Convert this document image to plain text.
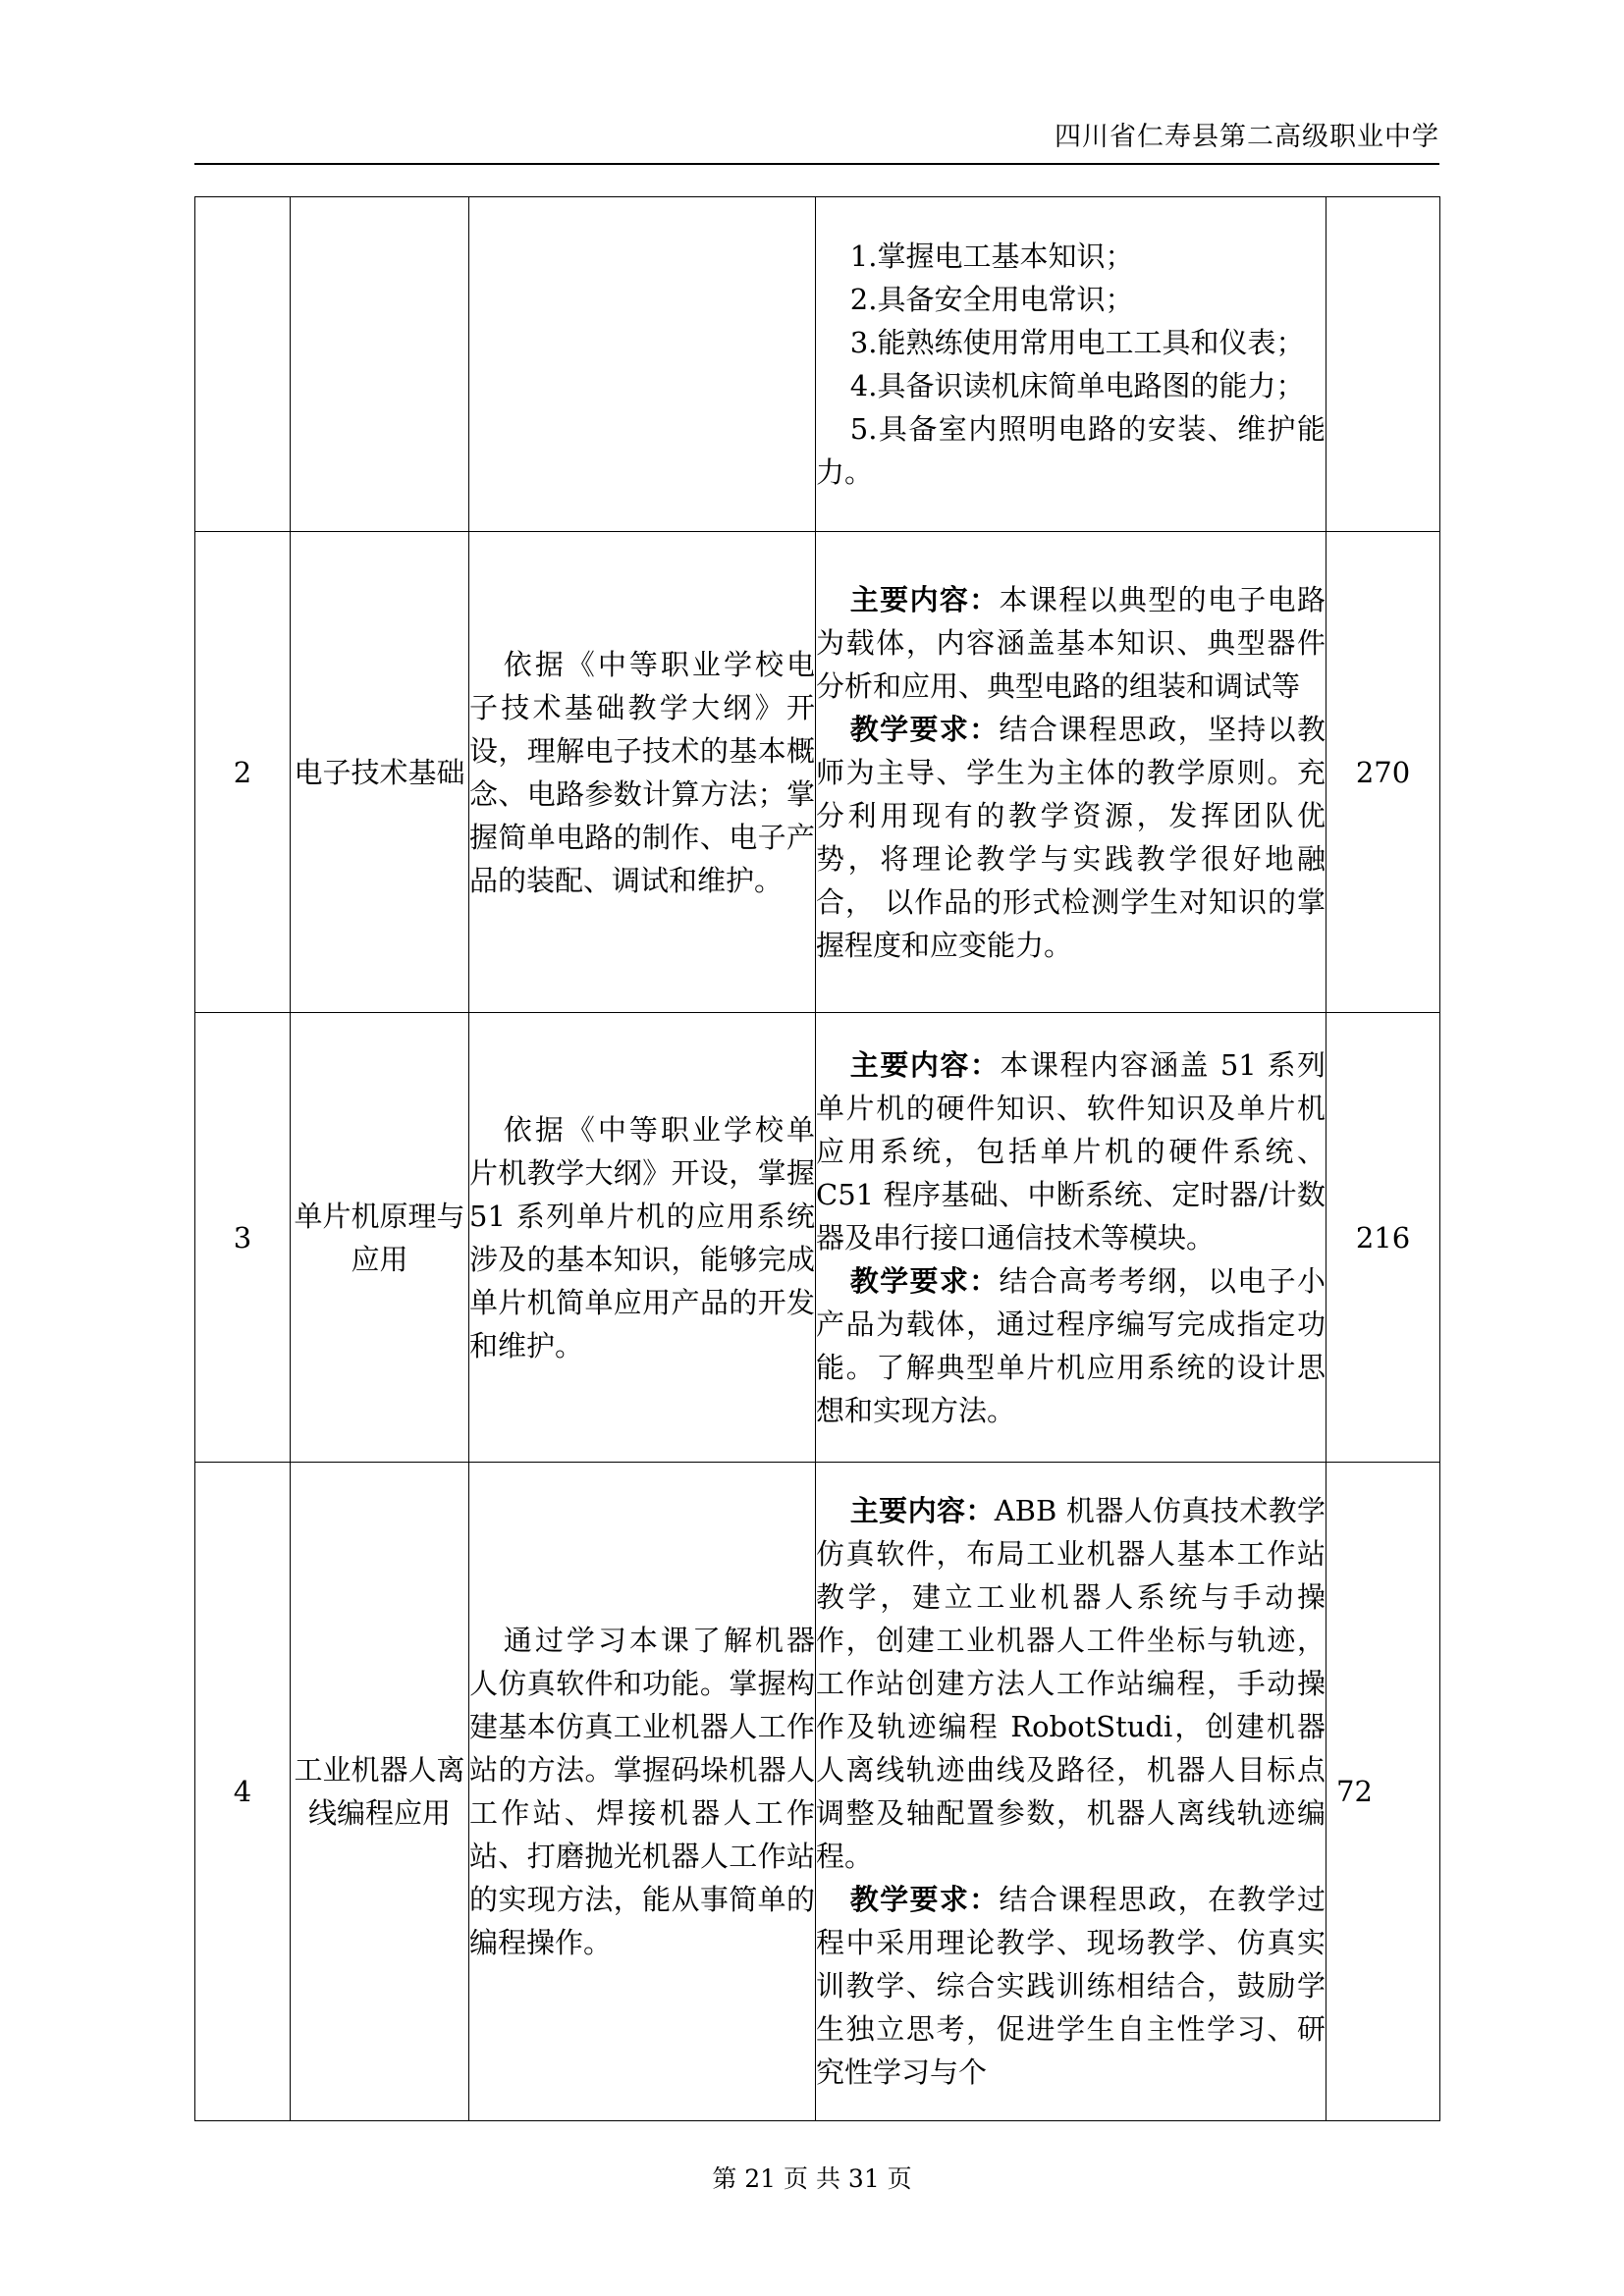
四川省仁寿县第二高级职业中学

			1.掌握电工基本知识；
2.具备安全用电常识；
3.能熟练使用常用电工工具和仪表；
4.具备识读机床简单电路图的能力；
5.具备室内照明电路的安装、维护能力。	

2	电子技术基础	依据《中等职业学校电子技术基础教学大纲》开设，理解电子技术的基本概念、电路参数计算方法；掌握简单电路的制作、电子产品的装配、调试和维护。	主要内容：本课程以典型的电子电路为载体，内容涵盖基本知识、典型器件分析和应用、典型电路的组装和调试等
教学要求：结合课程思政，坚持以教师为主导、学生为主体的教学原则。充分利用现有的教学资源，发挥团队优势，将理论教学与实践教学很好地融合， 以作品的形式检测学生对知识的掌握程度和应变能力。	270
3	单片机原理与应用	依据《中等职业学校单片机教学大纲》开设，掌握 51 系列单片机的应用系统涉及的基本知识，能够完成单片机简单应用产品的开发和维护。	主要内容：本课程内容涵盖 51 系列单片机的硬件知识、软件知识及单片机应用系统，包括单片机的硬件系统、C51 程序基础、中断系统、定时器/计数器及串行接口通信技术等模块。
教学要求：结合高考考纲，以电子小产品为载体，通过程序编写完成指定功能。了解典型单片机应用系统的设计思想和实现方法。	216
4	工业机器人离线编程应用	通过学习本课了解机器人仿真软件和功能。掌握构建基本仿真工业机器人工作站的方法。掌握码垛机器人工作站、焊接机器人工作站、打磨抛光机器人工作站的实现方法，能从事简单的编程操作。	主要内容：ABB 机器人仿真技术教学仿真软件，布局工业机器人基本工作站教学，建立工业机器人系统与手动操作，创建工业机器人工件坐标与轨迹，工作站创建方法人工作站编程，手动操作及轨迹编程 RobotStudi，创建机器人离线轨迹曲线及路径，机器人目标点调整及轴配置参数，机器人离线轨迹编程。
教学要求：结合课程思政，在教学过程中采用理论教学、现场教学、仿真实训教学、综合实践训练相结合，鼓励学生独立思考，促进学生自主性学习、研究性学习与个	72
第 21 页 共 31 页
